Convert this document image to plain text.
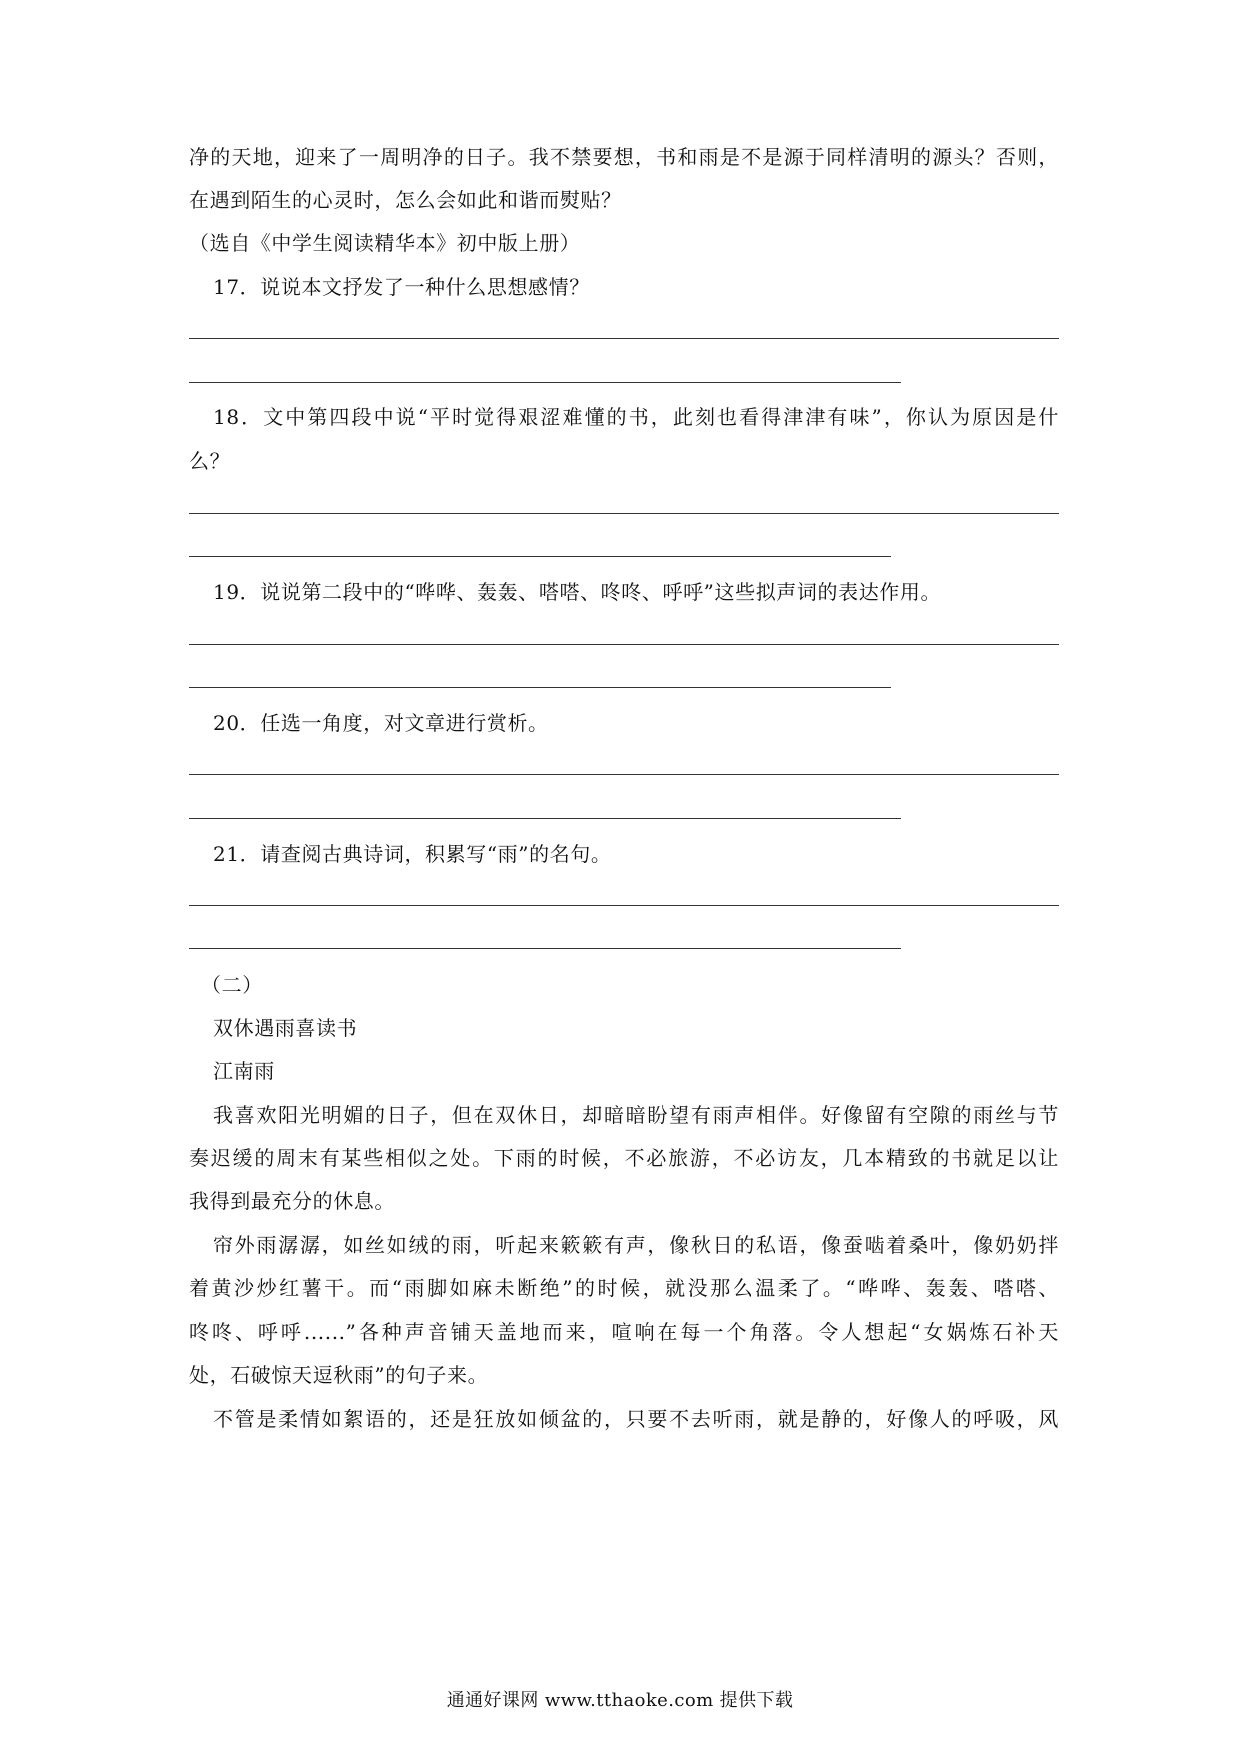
净的天地，迎来了一周明净的日子。我不禁要想，书和雨是不是源于同样清明的源头？否则，
在遇到陌生的心灵时，怎么会如此和谐而熨贴？
（选自《中学生阅读精华本》初中版上册）
17．说说本文抒发了一种什么思想感情？
18．文中第四段中说“平时觉得艰涩难懂的书，此刻也看得津津有味”，你认为原因是什
么？
19．说说第二段中的“哗哗、轰轰、嗒嗒、咚咚、呼呼”这些拟声词的表达作用。
20．任选一角度，对文章进行赏析。
21．请查阅古典诗词，积累写“雨”的名句。
（二）
双休遇雨喜读书
江南雨
我喜欢阳光明媚的日子，但在双休日，却暗暗盼望有雨声相伴。好像留有空隙的雨丝与节
奏迟缓的周末有某些相似之处。下雨的时候，不必旅游，不必访友，几本精致的书就足以让
我得到最充分的休息。
帘外雨潺潺，如丝如绒的雨，听起来簌簌有声，像秋日的私语，像蚕啮着桑叶，像奶奶拌
着黄沙炒红薯干。而“雨脚如麻未断绝”的时候，就没那么温柔了。“哗哗、轰轰、嗒嗒、
咚咚、呼呼......”各种声音铺天盖地而来，喧响在每一个角落。令人想起“女娲炼石补天
处，石破惊天逗秋雨”的句子来。
不管是柔情如絮语的，还是狂放如倾盆的，只要不去听雨，就是静的，好像人的呼吸，风
通通好课网 www.tthaoke.com 提供下载
